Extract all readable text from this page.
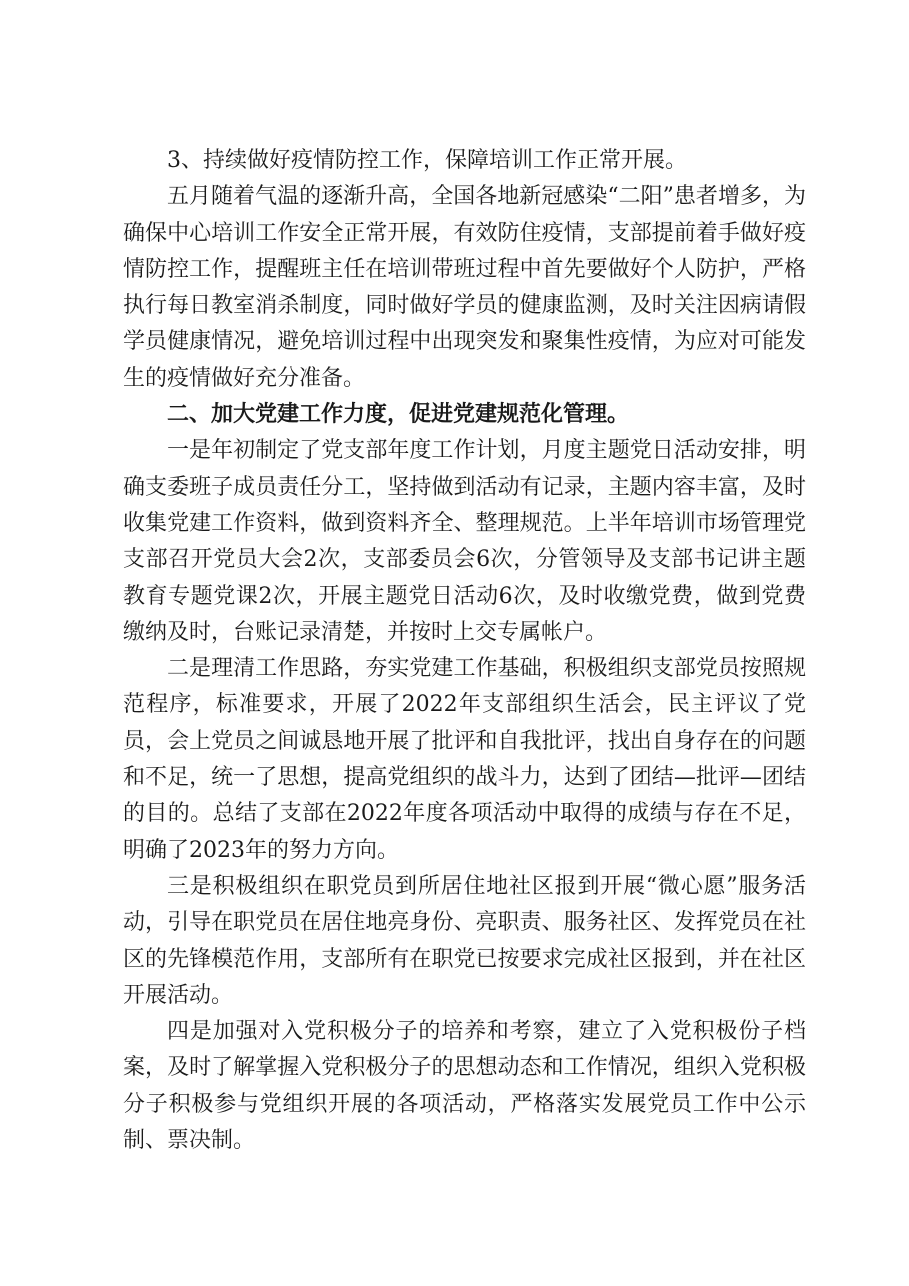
3、持续做好疫情防控工作，保障培训工作正常开展。

五月随着气温的逐渐升高，全国各地新冠感染“二阳”患者增多，为确保中心培训工作安全正常开展，有效防住疫情，支部提前着手做好疫情防控工作，提醒班主任在培训带班过程中首先要做好个人防护，严格执行每日教室消杀制度，同时做好学员的健康监测，及时关注因病请假学员健康情况，避免培训过程中出现突发和聚集性疫情，为应对可能发生的疫情做好充分准备。

二、加大党建工作力度，促进党建规范化管理。

一是年初制定了党支部年度工作计划，月度主题党日活动安排，明确支委班子成员责任分工，坚持做到活动有记录，主题内容丰富，及时收集党建工作资料，做到资料齐全、整理规范。上半年培训市场管理党支部召开党员大会2次，支部委员会6次，分管领导及支部书记讲主题教育专题党课2次，开展主题党日活动6次，及时收缴党费，做到党费缴纳及时，台账记录清楚，并按时上交专属帐户。

二是理清工作思路，夯实党建工作基础，积极组织支部党员按照规范程序，标准要求，开展了2022年支部组织生活会，民主评议了党员，会上党员之间诚恳地开展了批评和自我批评，找出自身存在的问题和不足，统一了思想，提高党组织的战斗力，达到了团结—批评—团结的目的。总结了支部在2022年度各项活动中取得的成绩与存在不足，明确了2023年的努力方向。

三是积极组织在职党员到所居住地社区报到开展“微心愿”服务活动，引导在职党员在居住地亮身份、亮职责、服务社区、发挥党员在社区的先锋模范作用，支部所有在职党已按要求完成社区报到，并在社区开展活动。

四是加强对入党积极分子的培养和考察，建立了入党积极份子档案，及时了解掌握入党积极分子的思想动态和工作情况，组织入党积极分子积极参与党组织开展的各项活动，严格落实发展党员工作中公示制、票决制。
